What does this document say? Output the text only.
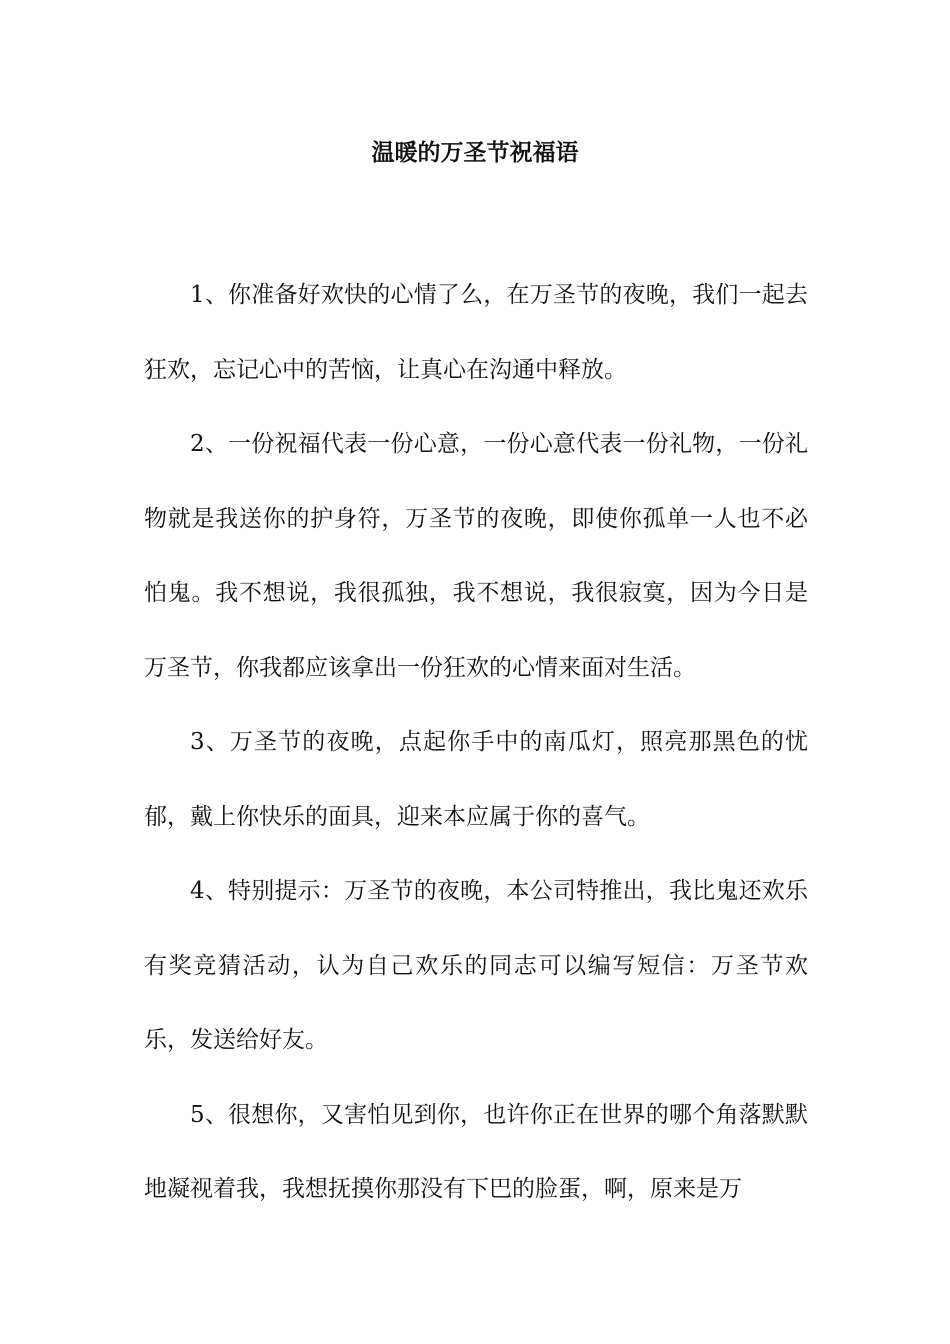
温暖的万圣节祝福语

1、你准备好欢快的心情了么，在万圣节的夜晚，我们一起去狂欢，忘记心中的苦恼，让真心在沟通中释放。

2、一份祝福代表一份心意，一份心意代表一份礼物，一份礼物就是我送你的护身符，万圣节的夜晚，即使你孤单一人也不必怕鬼。我不想说，我很孤独，我不想说，我很寂寞，因为今日是万圣节，你我都应该拿出一份狂欢的心情来面对生活。

3、万圣节的夜晚，点起你手中的南瓜灯，照亮那黑色的忧郁，戴上你快乐的面具，迎来本应属于你的喜气。

4、特别提示：万圣节的夜晚，本公司特推出，我比鬼还欢乐有奖竞猜活动，认为自己欢乐的同志可以编写短信：万圣节欢乐，发送给好友。

5、很想你，又害怕见到你，也许你正在世界的哪个角落默默地凝视着我，我想抚摸你那没有下巴的脸蛋，啊，原来是万
